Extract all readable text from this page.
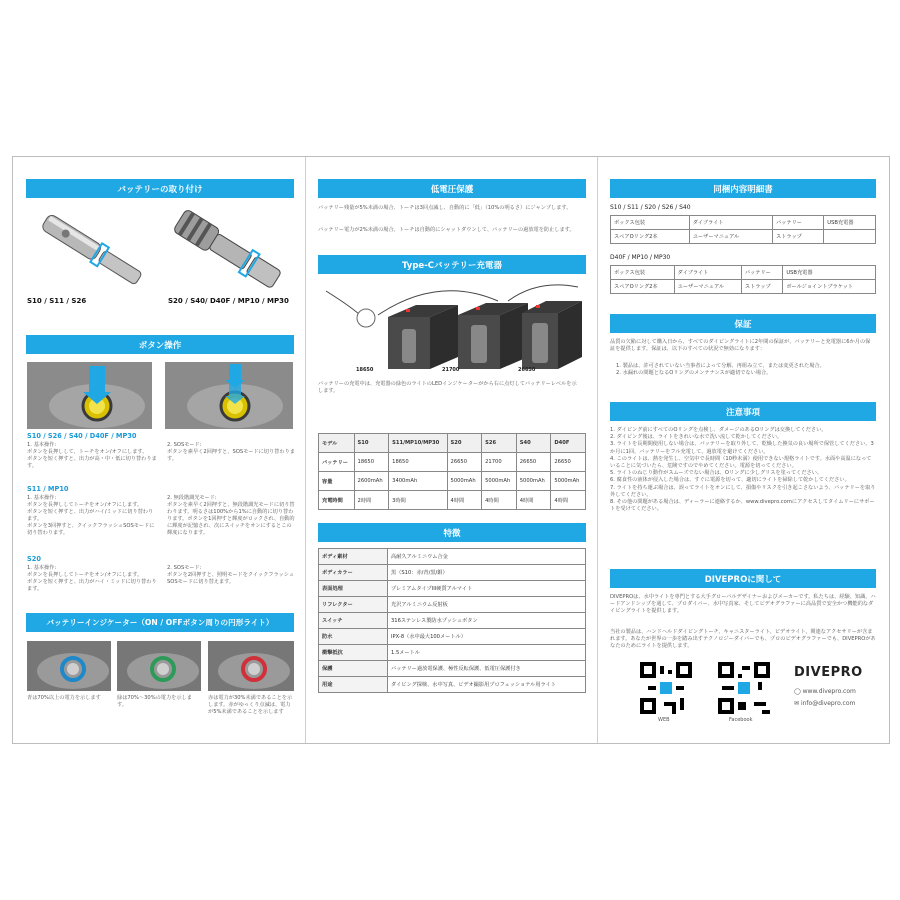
バッテリーの取り付け
S10 / S11 / S26	S20 / S40/ D40F / MP10 / MP30
ボタン操作
S10 / S26 / S40 / D40F / MP30
1. 基本操作:
ボタンを長押しして、トーチをオン/オフにします。
ボタンを短く押すと、出力が高・中・低に切り替わります。
2. SOSモード:
ボタンを素早く2回押すと、SOSモードに切り替わります。
S11 / MP10
1. 基本操作:
ボタンを長押ししてトーチをオン/オフにします。
ボタンを短く押すと、出力がハイ/ミッドに切り替わります。
ボタンを3回押すと、クイックフラッシュSOSモードに切り替わります。
2. 無段階調光モード:
ボタンを素早く2回押すと、無段階調光モードに切り替わります。明るさは100%から1%に自動的に切り替わります。ボタンを1回押すと輝度がロックされ、自動的に輝度が記憶され、次にスイッチをオンにするとこの輝度になります。
S20
1. 基本操作:
ボタンを長押ししてトーチをオン/オフにします。
ボタンを短く押すと、出力がハイ・ミッドに切り替わります。
2. SOSモード:
ボタンを2回押すと、照明モードをクイックフラッシュSOSモードに切り替えます。
バッテリーインジケーター（ON / OFFボタン周りの円形ライト）
青は70%以上の電力を示します	緑は70%〜30%の電力を示します。
赤は電力が30%未満であることを示します。赤がゆっくり点滅は、電力が5%未満であることを示します
低電圧保護
バッテリー残量が5%未満の場合、トーチは3回点滅し、自動的に「低」（10%の明るさ）にジャンプします。
バッテリー電力が2%未満の場合、トーチは自動的にシャットダウンして、バッテリーの過放電を防止します。
Type-Cバッテリー充電器
18650	21700	26650
バッテリーの充電中は、充電器の緑色のライトのLEDインジケーターがから右に点灯してバッテリーレベルを示します。
モデル	S10	S11/MP10/MP30	S20	S26	S40	D40F
バッテリー	18650	18650	26650	21700	26650	26650
容量	2600mAh	3400mAh	5000mAh	5000mAh	5000mAh	5000mAh
充電時間	2時間	3時間	4時間	4時間	4時間	4時間
特徴
ボディ素材	高耐久アルミニウム合金
ボディカラー	黒（S10：赤/青/黒/銀）
表面処理	プレミアムタイプIII硬質アルマイト
リフレクター	光沢アルミニウム反射板
スイッチ	316ステンレス製防水プッシュボタン
防水	IPX-8（水中最大100メートル）
衝撃抵抗	1.5メートル
保護	バッテリー過放電保護、極性反転保護、低電圧保護付き
用途	ダイビング探検、水中写真、ビデオ撮影用プロフェッショナル用ライト
同梱内容明細書
S10 / S11 / S20 / S26 / S40
ボックス包装	ダイブライト	バッテリー	USB充電器
スペアOリング2本	ユーザーマニュアル	ストラップ	
D40F / MP10 / MP30
ボックス包装	ダイブライト	バッテリー	USB充電器
スペアOリング2本	ユーザーマニュアル	ストラップ	ボールジョイントブラケット
保証
品質の欠陥に対して購入日から、すべてのダイビングライトに2年間の保証が、バッテリーと充電器に6か月の保証を提供します。保証は、以下のすべての状況で無効になります：
1. 製品は、許可されていない当事者によって分解、再組み立て、または変更された場合。
2. 水漏れの問題となるOリングのメンテナンスが適切でない場合。
注意事項
1. ダイビング前にすべてのOリングを点検し、ダメージのあるOリングは交換してください。
2. ダイビング後は、ライトをきれいな水で洗い流して乾かしてください。
3. ライトを長期間使用しない場合は、バッテリーを取り外して、乾燥した換気の良い場所で保管してください。3か月に1回、バッテリーをフル充電して、過放電を避けてください。
4. このライトは、熱を発生し、空気中で長時間（10秒未満）使用できない規格ライトです。水面や高温になっていることに気づいたら、危険ですのでやめてください。電源を切ってください。
5. ライトのねじり動作がスムーズでない場合は、Oリングに少しグリスを塗ってください。
6. 腐食性の液体が侵入した場合は、すぐに電源を切って、適切にライトを掃除して乾かしてください。
7. ライトを持ち運ぶ場合は、誤ってライトをオンにして、損傷やリスクを引き起こさないよう、バッテリーを取り外してください。
8. その他の問題がある場合は、ディーラーに連絡するか、www.divepro.comにアクセスしてタイムリーにサポートを受けてください。
DIVEPROに関して
DIVEPROは、水中ライトを専門とする大手グローバルデザイナーおよびメーカーです。私たちは、経験、知識、ハードアンドシップを通して、プロダイバー、水中写真家、そしてビデオグラファーに高品質で安全かつ機能的なダイビングライトを提供します。
当社の製品は、ハンドヘルドダイビングトーチ、キャニスターライト、ビデオライト、関連なアクセサリーが含まれます。あなたが世界の一歩を踏み出すテクノロジーダイバーでも、プロのビデオグラファーでも、DIVEPROがあなたのためにライトを提供します。
WEB	Facebook
DIVEPRO
◯ www.divepro.com
✉ info@divepro.com
